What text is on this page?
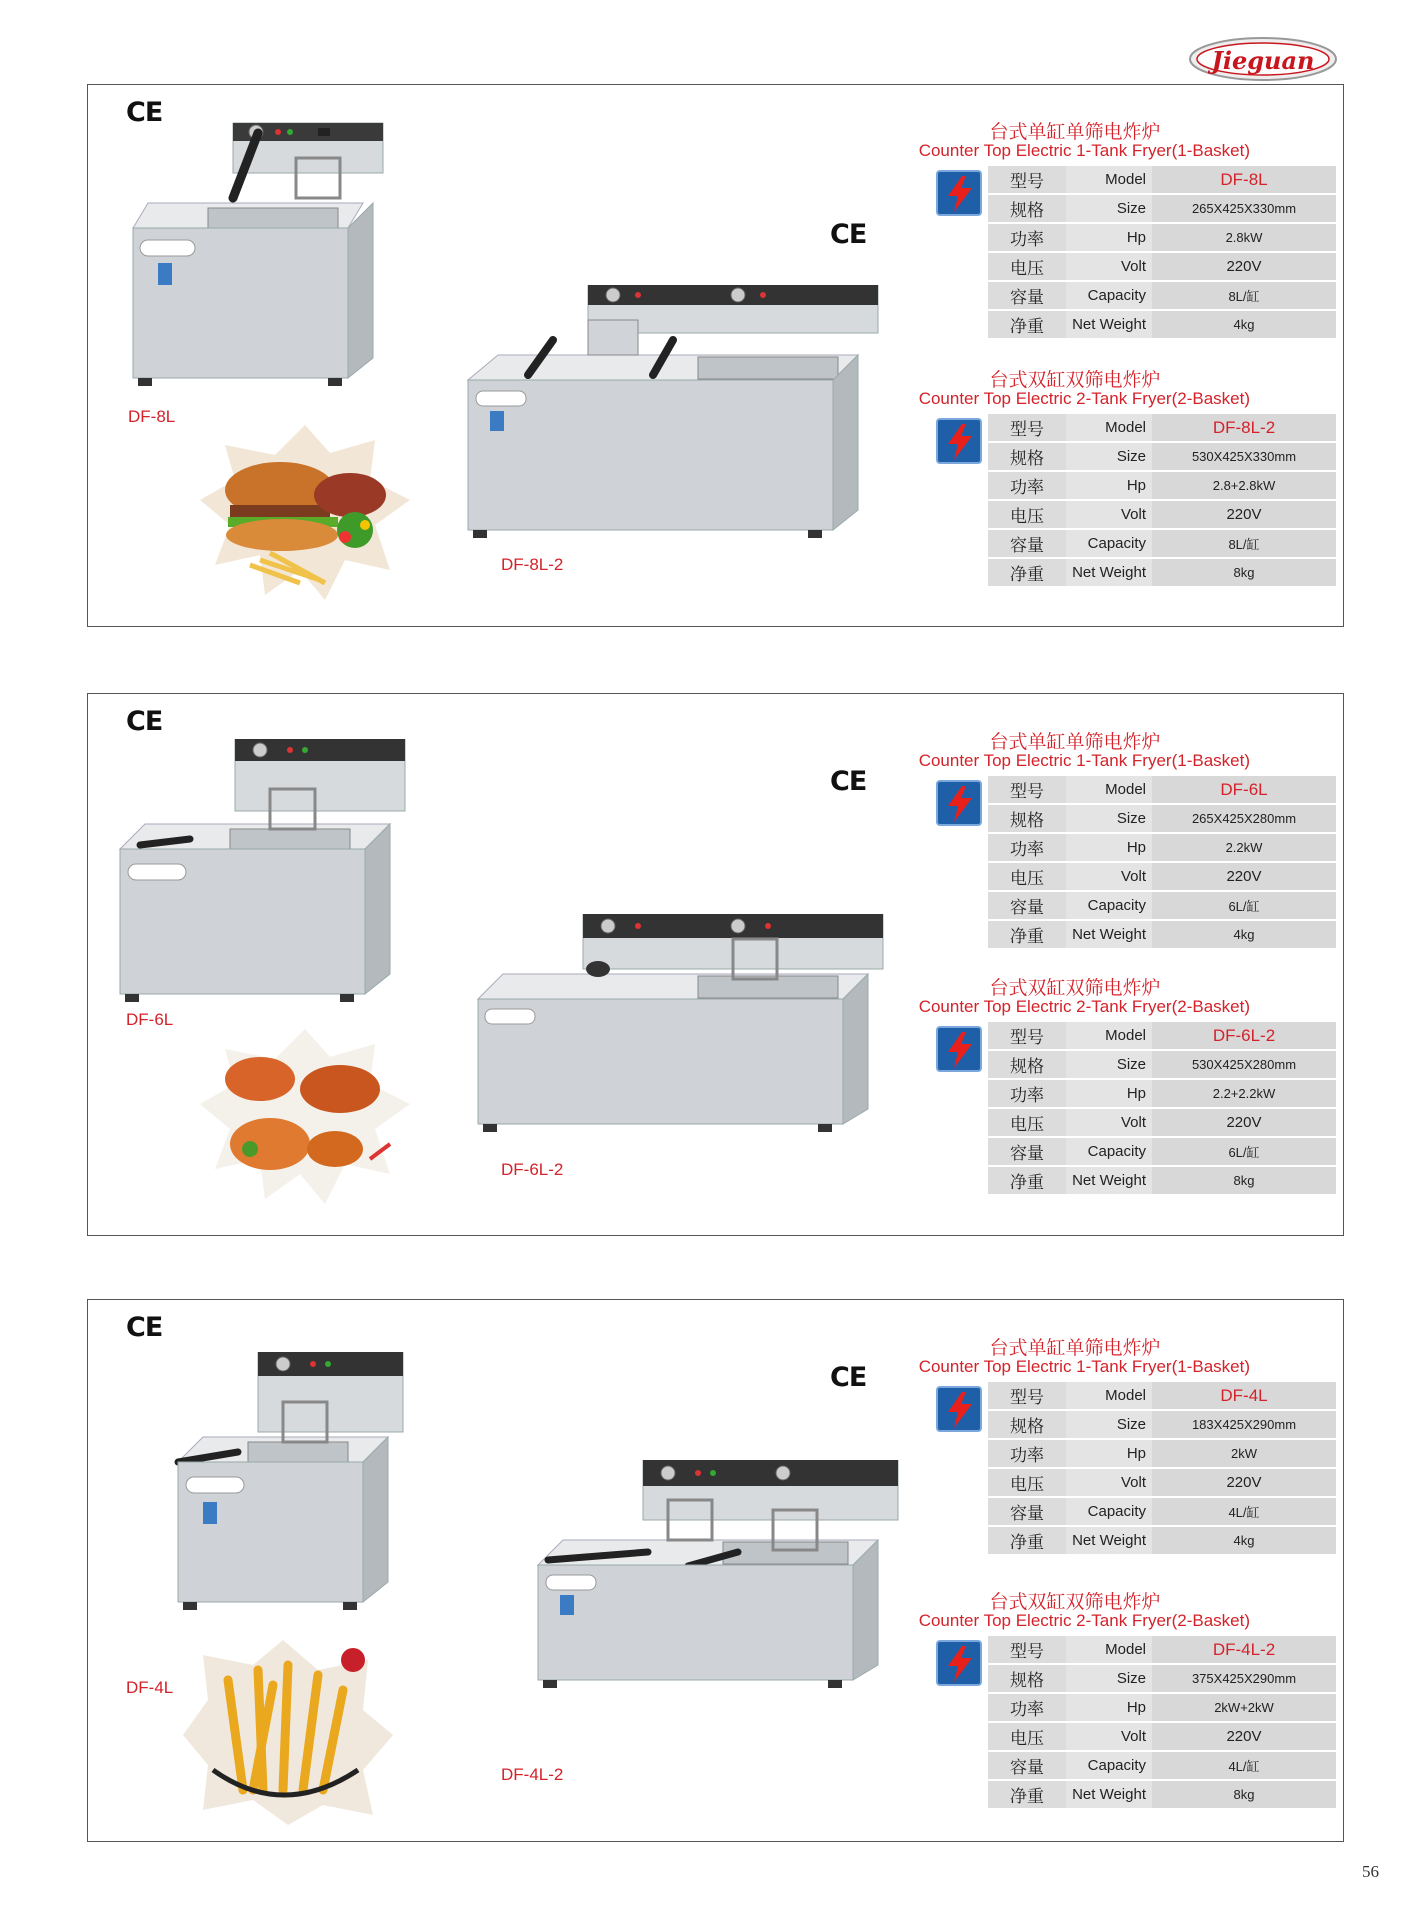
Jieguan
CE
CE
DF-8L
DF-8L-2
台式单缸单筛电炸炉
Counter Top Electric 1-Tank Fryer(1-Basket)
型号	Model	DF-8L
规格	Size	265X425X330mm
功率	Hp	2.8kW
电压	Volt	220V
容量	Capacity	8L/缸
净重	Net Weight	4kg
台式双缸双筛电炸炉
Counter Top Electric 2-Tank Fryer(2-Basket)
型号	Model	DF-8L-2
规格	Size	530X425X330mm
功率	Hp	2.8+2.8kW
电压	Volt	220V
容量	Capacity	8L/缸
净重	Net Weight	8kg
CE
CE
DF-6L
DF-6L-2
台式单缸单筛电炸炉
Counter Top Electric 1-Tank Fryer(1-Basket)
型号	Model	DF-6L
规格	Size	265X425X280mm
功率	Hp	2.2kW
电压	Volt	220V
容量	Capacity	6L/缸
净重	Net Weight	4kg
台式双缸双筛电炸炉
Counter Top Electric 2-Tank Fryer(2-Basket)
型号	Model	DF-6L-2
规格	Size	530X425X280mm
功率	Hp	2.2+2.2kW
电压	Volt	220V
容量	Capacity	6L/缸
净重	Net Weight	8kg
CE
CE
DF-4L
DF-4L-2
台式单缸单筛电炸炉
Counter Top Electric 1-Tank Fryer(1-Basket)
型号	Model	DF-4L
规格	Size	183X425X290mm
功率	Hp	2kW
电压	Volt	220V
容量	Capacity	4L/缸
净重	Net Weight	4kg
台式双缸双筛电炸炉
Counter Top Electric 2-Tank Fryer(2-Basket)
型号	Model	DF-4L-2
规格	Size	375X425X290mm
功率	Hp	2kW+2kW
电压	Volt	220V
容量	Capacity	4L/缸
净重	Net Weight	8kg
56
